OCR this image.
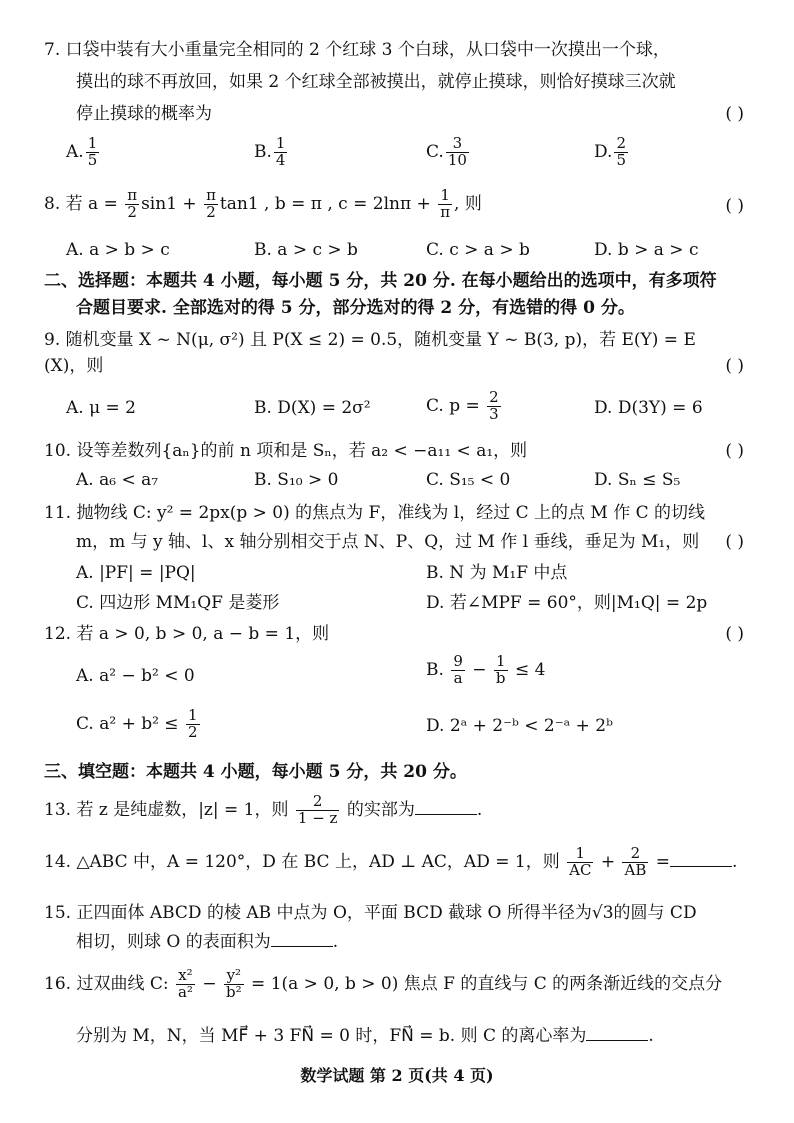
7. 口袋中装有大小重量完全相同的 2 个红球 3 个白球，从口袋中一次摸出一个球，
摸出的球不再放回，如果 2 个红球全部被摸出，就停止摸球，则恰好摸球三次就
停止摸球的概率为	( )
A. $\frac{1}{5}$	B. $\frac{1}{4}$	C. $\frac{3}{10}$	D. $\frac{2}{5}$
8. 若 $a = \frac{\pi}{2} \sin 1 + \frac{\pi}{2} \tan 1$ , b = π , $c = 2\ln\pi + \frac{1}{\pi}$ , 则	( )
A. a > b > c	B. a > c > b	C. c > a > b	D. b > a > c
二、选择题：本题共 4 小题，每小题 5 分，共 20 分. 在每小题给出的选项中，有多项符
合题目要求. 全部选对的得 5 分，部分选对的得 2 分，有选错的得 0 分。
9. 随机变量 X ~ N(μ, σ²) 且 P(X ≤ 2) = 0.5，随机变量 Y ~ B(3, p)，若 E(Y) = E
(X)，则	( )
A. μ = 2	B. D(X) = 2σ²	C. $p = \frac{2}{3}$	D. D(3Y) = 6
10. 设等差数列{aₙ}的前 n 项和是 Sₙ，若 a₂ < −a₁₁ < a₁，则	( )
A. a₆ < a₇	B. S₁₀ > 0	C. S₁₅ < 0	D. Sₙ ≤ S₅
11. 抛物线 C: y² = 2px(p > 0) 的焦点为 F，准线为 l，经过 C 上的点 M 作 C 的切线
m，m 与 y 轴、l、x 轴分别相交于点 N、P、Q，过 M 作 l 垂线，垂足为 M₁，则	( )
A. |PF| = |PQ|	B. N 为 M₁F 中点
C. 四边形 MM₁QF 是菱形	D. 若∠MPF = 60°，则|M₁Q| = 2p
12. 若 a > 0, b > 0, a − b = 1，则	( )
A. a² − b² < 0	B. $\frac{9}{a} - \frac{1}{b} \le 4$
C. $a^2 + b^2 \le \frac{1}{2}$	D. 2ᵃ + 2⁻ᵇ < 2⁻ᵃ + 2ᵇ
三、填空题：本题共 4 小题，每小题 5 分，共 20 分。
13. 若 z 是纯虚数，|z| = 1，则 $\frac{2}{1 - z}$ 的实部为	.
14. △ABC 中，A = 120°，D 在 BC 上，AD ⊥ AC，AD = 1，则 $\frac{1}{AC} + \frac{2}{AB}$ =	.
15. 正四面体 ABCD 的棱 AB 中点为 O，平面 BCD 截球 O 所得半径为√3的圆与 CD
相切，则球 O 的表面积为	.
16. 过双曲线 C: $\frac{\text{x²}}{\text{a²}} - \frac{\text{y²}}{\text{b²}} = 1(a > 0$, b > 0) 焦点 F 的直线与 C 的两条渐近线的交点分
分别为 M，N，当 MF⃗ + 3 FN⃗ = 0 时，FN⃗ = b. 则 C 的离心率为	.
数学试题 第 2 页(共 4 页)
